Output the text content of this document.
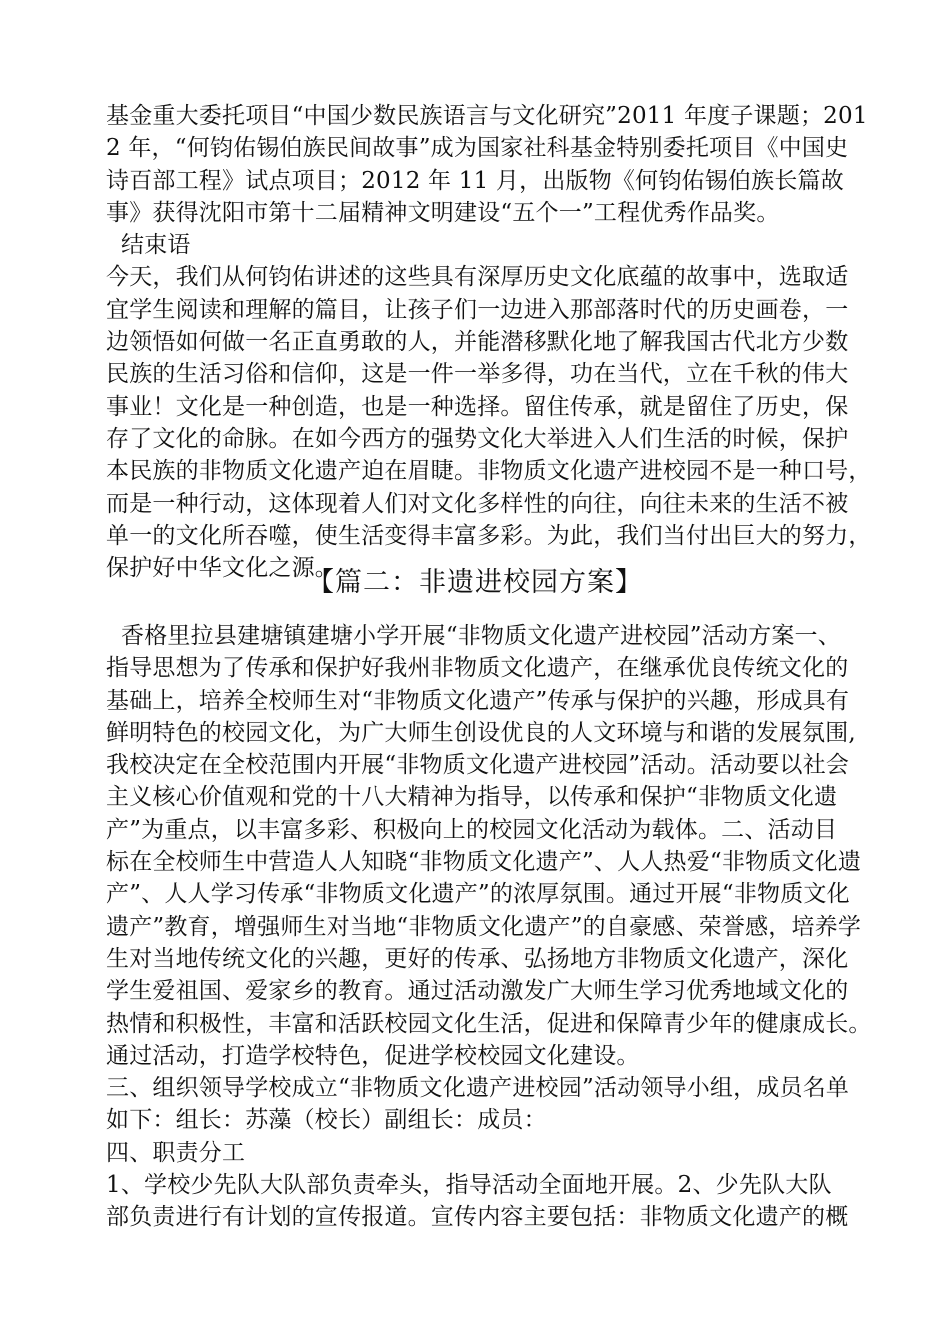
基金重大委托项目“中国少数民族语言与文化研究”2011 年度子课题；201
2 年，“何钧佑锡伯族民间故事”成为国家社科基金特别委托项目《中国史
诗百部工程》试点项目；2012 年 11 月，出版物《何钧佑锡伯族长篇故
事》获得沈阳市第十二届精神文明建设“五个一”工程优秀作品奖。
结束语
今天，我们从何钧佑讲述的这些具有深厚历史文化底蕴的故事中，选取适
宜学生阅读和理解的篇目，让孩子们一边进入那部落时代的历史画卷，一
边领悟如何做一名正直勇敢的人，并能潜移默化地了解我国古代北方少数
民族的生活习俗和信仰，这是一件一举多得，功在当代，立在千秋的伟大
事业！文化是一种创造，也是一种选择。留住传承，就是留住了历史，保
存了文化的命脉。在如今西方的强势文化大举进入人们生活的时候，保护
本民族的非物质文化遗产迫在眉睫。非物质文化遗产进校园不是一种口号，
而是一种行动，这体现着人们对文化多样性的向往，向往未来的生活不被
单一的文化所吞噬，使生活变得丰富多彩。为此，我们当付出巨大的努力，
保护好中华文化之源。
【篇二：非遗进校园方案】
香格里拉县建塘镇建塘小学开展“非物质文化遗产进校园”活动方案一、
指导思想为了传承和保护好我州非物质文化遗产，在继承优良传统文化的
基础上，培养全校师生对“非物质文化遗产”传承与保护的兴趣，形成具有
鲜明特色的校园文化，为广大师生创设优良的人文环境与和谐的发展氛围,
我校决定在全校范围内开展“非物质文化遗产进校园”活动。活动要以社会
主义核心价值观和党的十八大精神为指导，以传承和保护“非物质文化遗
产”为重点，以丰富多彩、积极向上的校园文化活动为载体。二、活动目
标在全校师生中营造人人知晓“非物质文化遗产”、人人热爱“非物质文化遗
产”、人人学习传承“非物质文化遗产”的浓厚氛围。通过开展“非物质文化
遗产”教育，增强师生对当地“非物质文化遗产”的自豪感、荣誉感，培养学
生对当地传统文化的兴趣，更好的传承、弘扬地方非物质文化遗产，深化
学生爱祖国、爱家乡的教育。通过活动激发广大师生学习优秀地域文化的
热情和积极性，丰富和活跃校园文化生活，促进和保障青少年的健康成长。
通过活动，打造学校特色，促进学校校园文化建设。
三、组织领导学校成立“非物质文化遗产进校园”活动领导小组，成员名单
如下：组长：苏藻（校长）副组长：成员：
四、职责分工
1、学校少先队大队部负责牵头，指导活动全面地开展。2、少先队大队
部负责进行有计划的宣传报道。宣传内容主要包括：非物质文化遗产的概
